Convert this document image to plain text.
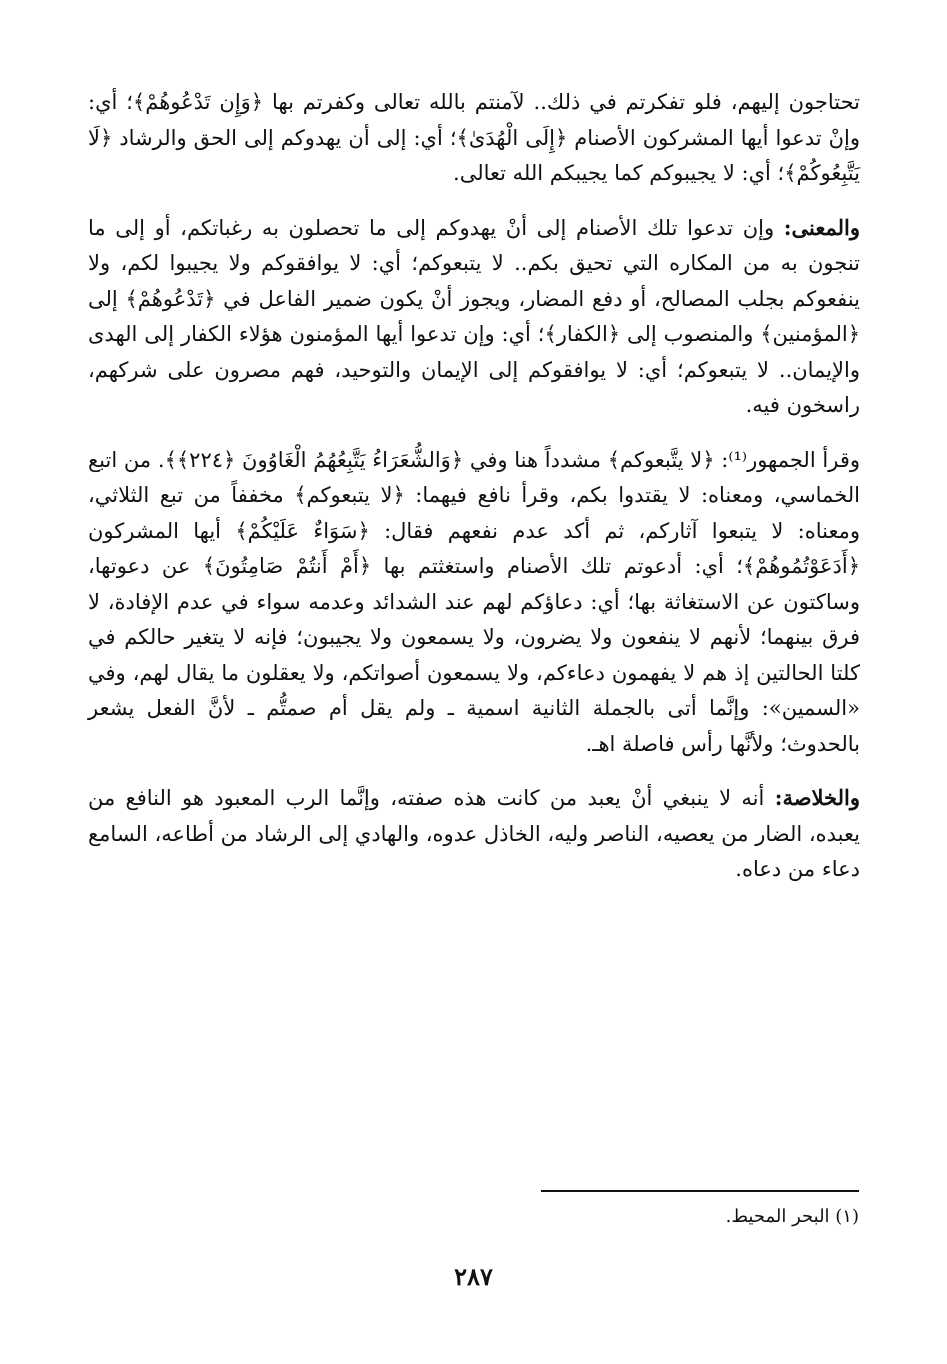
تحتاجون إليهم، فلو تفكرتم في ذلك.. لآمنتم بالله تعالى وكفرتم بها ﴿وَإِن تَدْعُوهُمْ﴾؛ أي: وإنْ تدعوا أيها المشركون الأصنام ﴿إِلَى الْهُدَىٰ﴾؛ أي: إلى أن يهدوكم إلى الحق والرشاد ﴿لَا يَتَّبِعُوكُمْ﴾؛ أي: لا يجيبوكم كما يجيبكم الله تعالى.

والمعنى: وإن تدعوا تلك الأصنام إلى أنْ يهدوكم إلى ما تحصلون به رغباتكم، أو إلى ما تنجون به من المكاره التي تحيق بكم.. لا يتبعوكم؛ أي: لا يوافقوكم ولا يجيبوا لكم، ولا ينفعوكم بجلب المصالح، أو دفع المضار، ويجوز أنْ يكون ضمير الفاعل في ﴿تَدْعُوهُمْ﴾ إلى ﴿المؤمنين﴾ والمنصوب إلى ﴿الكفار﴾؛ أي: وإن تدعوا أيها المؤمنون هؤلاء الكفار إلى الهدى والإيمان.. لا يتبعوكم؛ أي: لا يوافقوكم إلى الإيمان والتوحيد، فهم مصرون على شركهم، راسخون فيه.

وقرأ الجمهور⁽¹⁾: ﴿لا يتَّبعوكم﴾ مشدداً هنا وفي ﴿وَالشُّعَرَاءُ يَتَّبِعُهُمُ الْغَاوُونَ ﴿٢٢٤﴾﴾. من اتبع الخماسي، ومعناه: لا يقتدوا بكم، وقرأ نافع فيهما: ﴿لا يتبعوكم﴾ مخففاً من تبع الثلاثي، ومعناه: لا يتبعوا آثاركم، ثم أكد عدم نفعهم فقال: ﴿سَوَاءٌ عَلَيْكُمْ﴾ أيها المشركون ﴿أَدَعَوْتُمُوهُمْ﴾؛ أي: أدعوتم تلك الأصنام واستغثتم بها ﴿أَمْ أَنتُمْ صَامِتُونَ﴾ عن دعوتها، وساكتون عن الاستغاثة بها؛ أي: دعاؤكم لهم عند الشدائد وعدمه سواء في عدم الإفادة، لا فرق بينهما؛ لأنهم لا ينفعون ولا يضرون، ولا يسمعون ولا يجيبون؛ فإنه لا يتغير حالكم في كلتا الحالتين إذ هم لا يفهمون دعاءكم، ولا يسمعون أصواتكم، ولا يعقلون ما يقال لهم، وفي «السمين»: وإنَّما أتى بالجملة الثانية اسمية ـ ولم يقل أم صمتُّم ـ لأنَّ الفعل يشعر بالحدوث؛ ولأنَّها رأس فاصلة اهـ.

والخلاصة: أنه لا ينبغي أنْ يعبد من كانت هذه صفته، وإنَّما الرب المعبود هو النافع من يعبده، الضار من يعصيه، الناصر وليه، الخاذل عدوه، والهادي إلى الرشاد من أطاعه، السامع دعاء من دعاه.

(١) البحر المحيط.
٢٨٧
